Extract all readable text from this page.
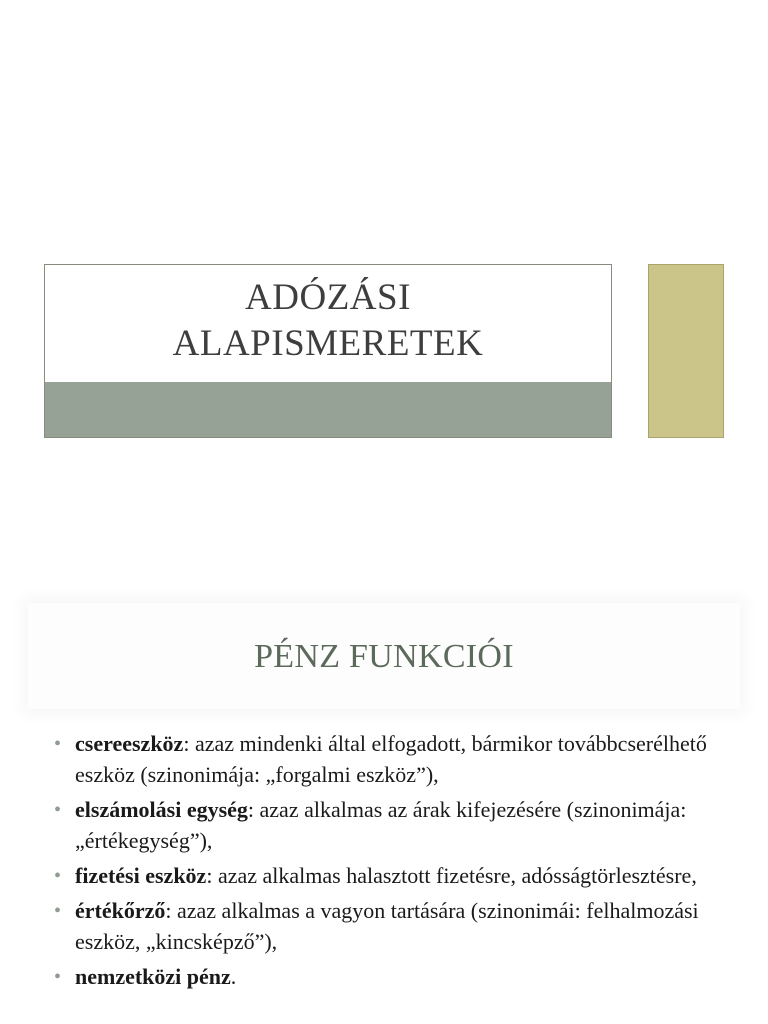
ADÓZÁSI
ALAPISMERETEK
PÉNZ FUNKCIÓI
• csereeszköz: azaz mindenki által elfogadott, bármikor továbbcserélhető eszköz (szinonimája: „forgalmi eszköz”),
• elszámolási egység: azaz alkalmas az árak kifejezésére (szinonimája: „értékegység”),
• fizetési eszköz: azaz alkalmas halasztott fizetésre, adósságtörlesztésre,
• értékőrző: azaz alkalmas a vagyon tartására (szinonimái: felhalmozási eszköz, „kincsképző”),
• nemzetközi pénz.
